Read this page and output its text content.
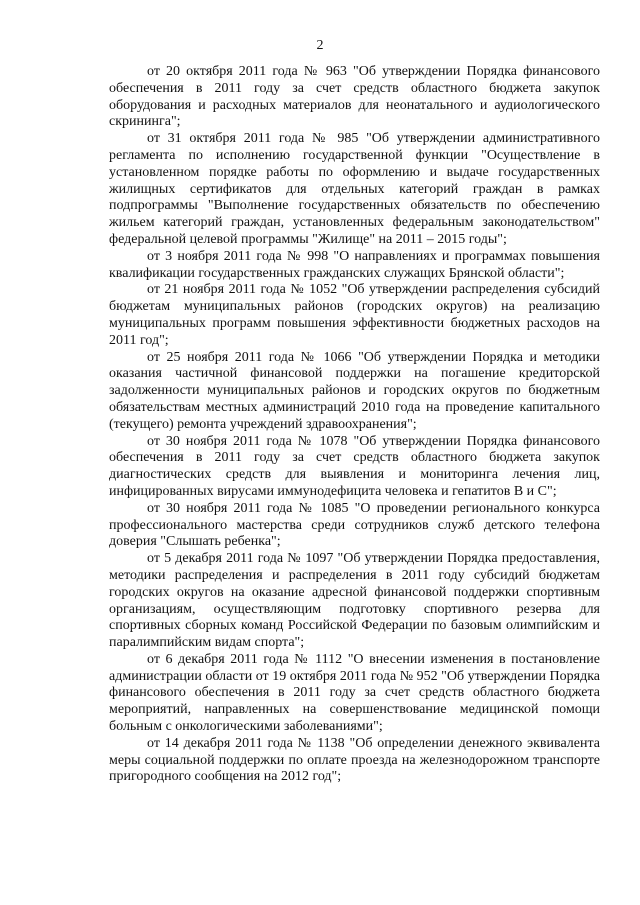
2

от 20 октября 2011 года № 963 "Об утверждении Порядка финансового обеспечения в 2011 году за счет средств областного бюджета закупок оборудования и расходных материалов для неонатального и аудиологического скрининга";

от 31 октября 2011 года № 985 "Об утверждении административного регламента по исполнению государственной функции "Осуществление в установленном порядке работы по оформлению и выдаче государственных жилищных сертификатов для отдельных категорий граждан в рамках подпрограммы "Выполнение государственных обязательств по обеспечению жильем категорий граждан, установленных федеральным законодательством" федеральной целевой программы "Жилище" на 2011 – 2015 годы";

от 3 ноября 2011 года № 998 "О направлениях и программах повышения квалификации государственных гражданских служащих Брянской области";

от 21 ноября 2011 года № 1052 "Об утверждении распределения субсидий бюджетам муниципальных районов (городских округов) на реализацию муниципальных программ повышения эффективности бюджетных расходов на 2011 год";

от 25 ноября 2011 года № 1066 "Об утверждении Порядка и методики оказания частичной финансовой поддержки на погашение кредиторской задолженности муниципальных районов и городских округов по бюджетным обязательствам местных администраций 2010 года на проведение капитального (текущего) ремонта учреждений здравоохранения";

от 30 ноября 2011 года № 1078 "Об утверждении Порядка финансового обеспечения в 2011 году за счет средств областного бюджета закупок диагностических средств для выявления и мониторинга лечения лиц, инфицированных вирусами иммунодефицита человека и гепатитов В и С";

от 30 ноября 2011 года № 1085 "О проведении регионального конкурса профессионального мастерства среди сотрудников служб детского телефона доверия "Слышать ребенка";

от 5 декабря 2011 года № 1097 "Об утверждении Порядка предоставления, методики распределения и распределения в 2011 году субсидий бюджетам городских округов на оказание адресной финансовой поддержки спортивным организациям, осуществляющим подготовку спортивного резерва для спортивных сборных команд Российской Федерации по базовым олимпийским и паралимпийским видам спорта";

от 6 декабря 2011 года № 1112 "О внесении изменения в постановление администрации области от 19 октября 2011 года № 952 "Об утверждении Порядка финансового обеспечения в 2011 году за счет средств областного бюджета мероприятий, направленных на совершенствование медицинской помощи больным с онкологическими заболеваниями";

от 14 декабря 2011 года № 1138 "Об определении денежного эквивалента меры социальной поддержки по оплате проезда на железнодорожном транспорте пригородного сообщения на 2012 год";
